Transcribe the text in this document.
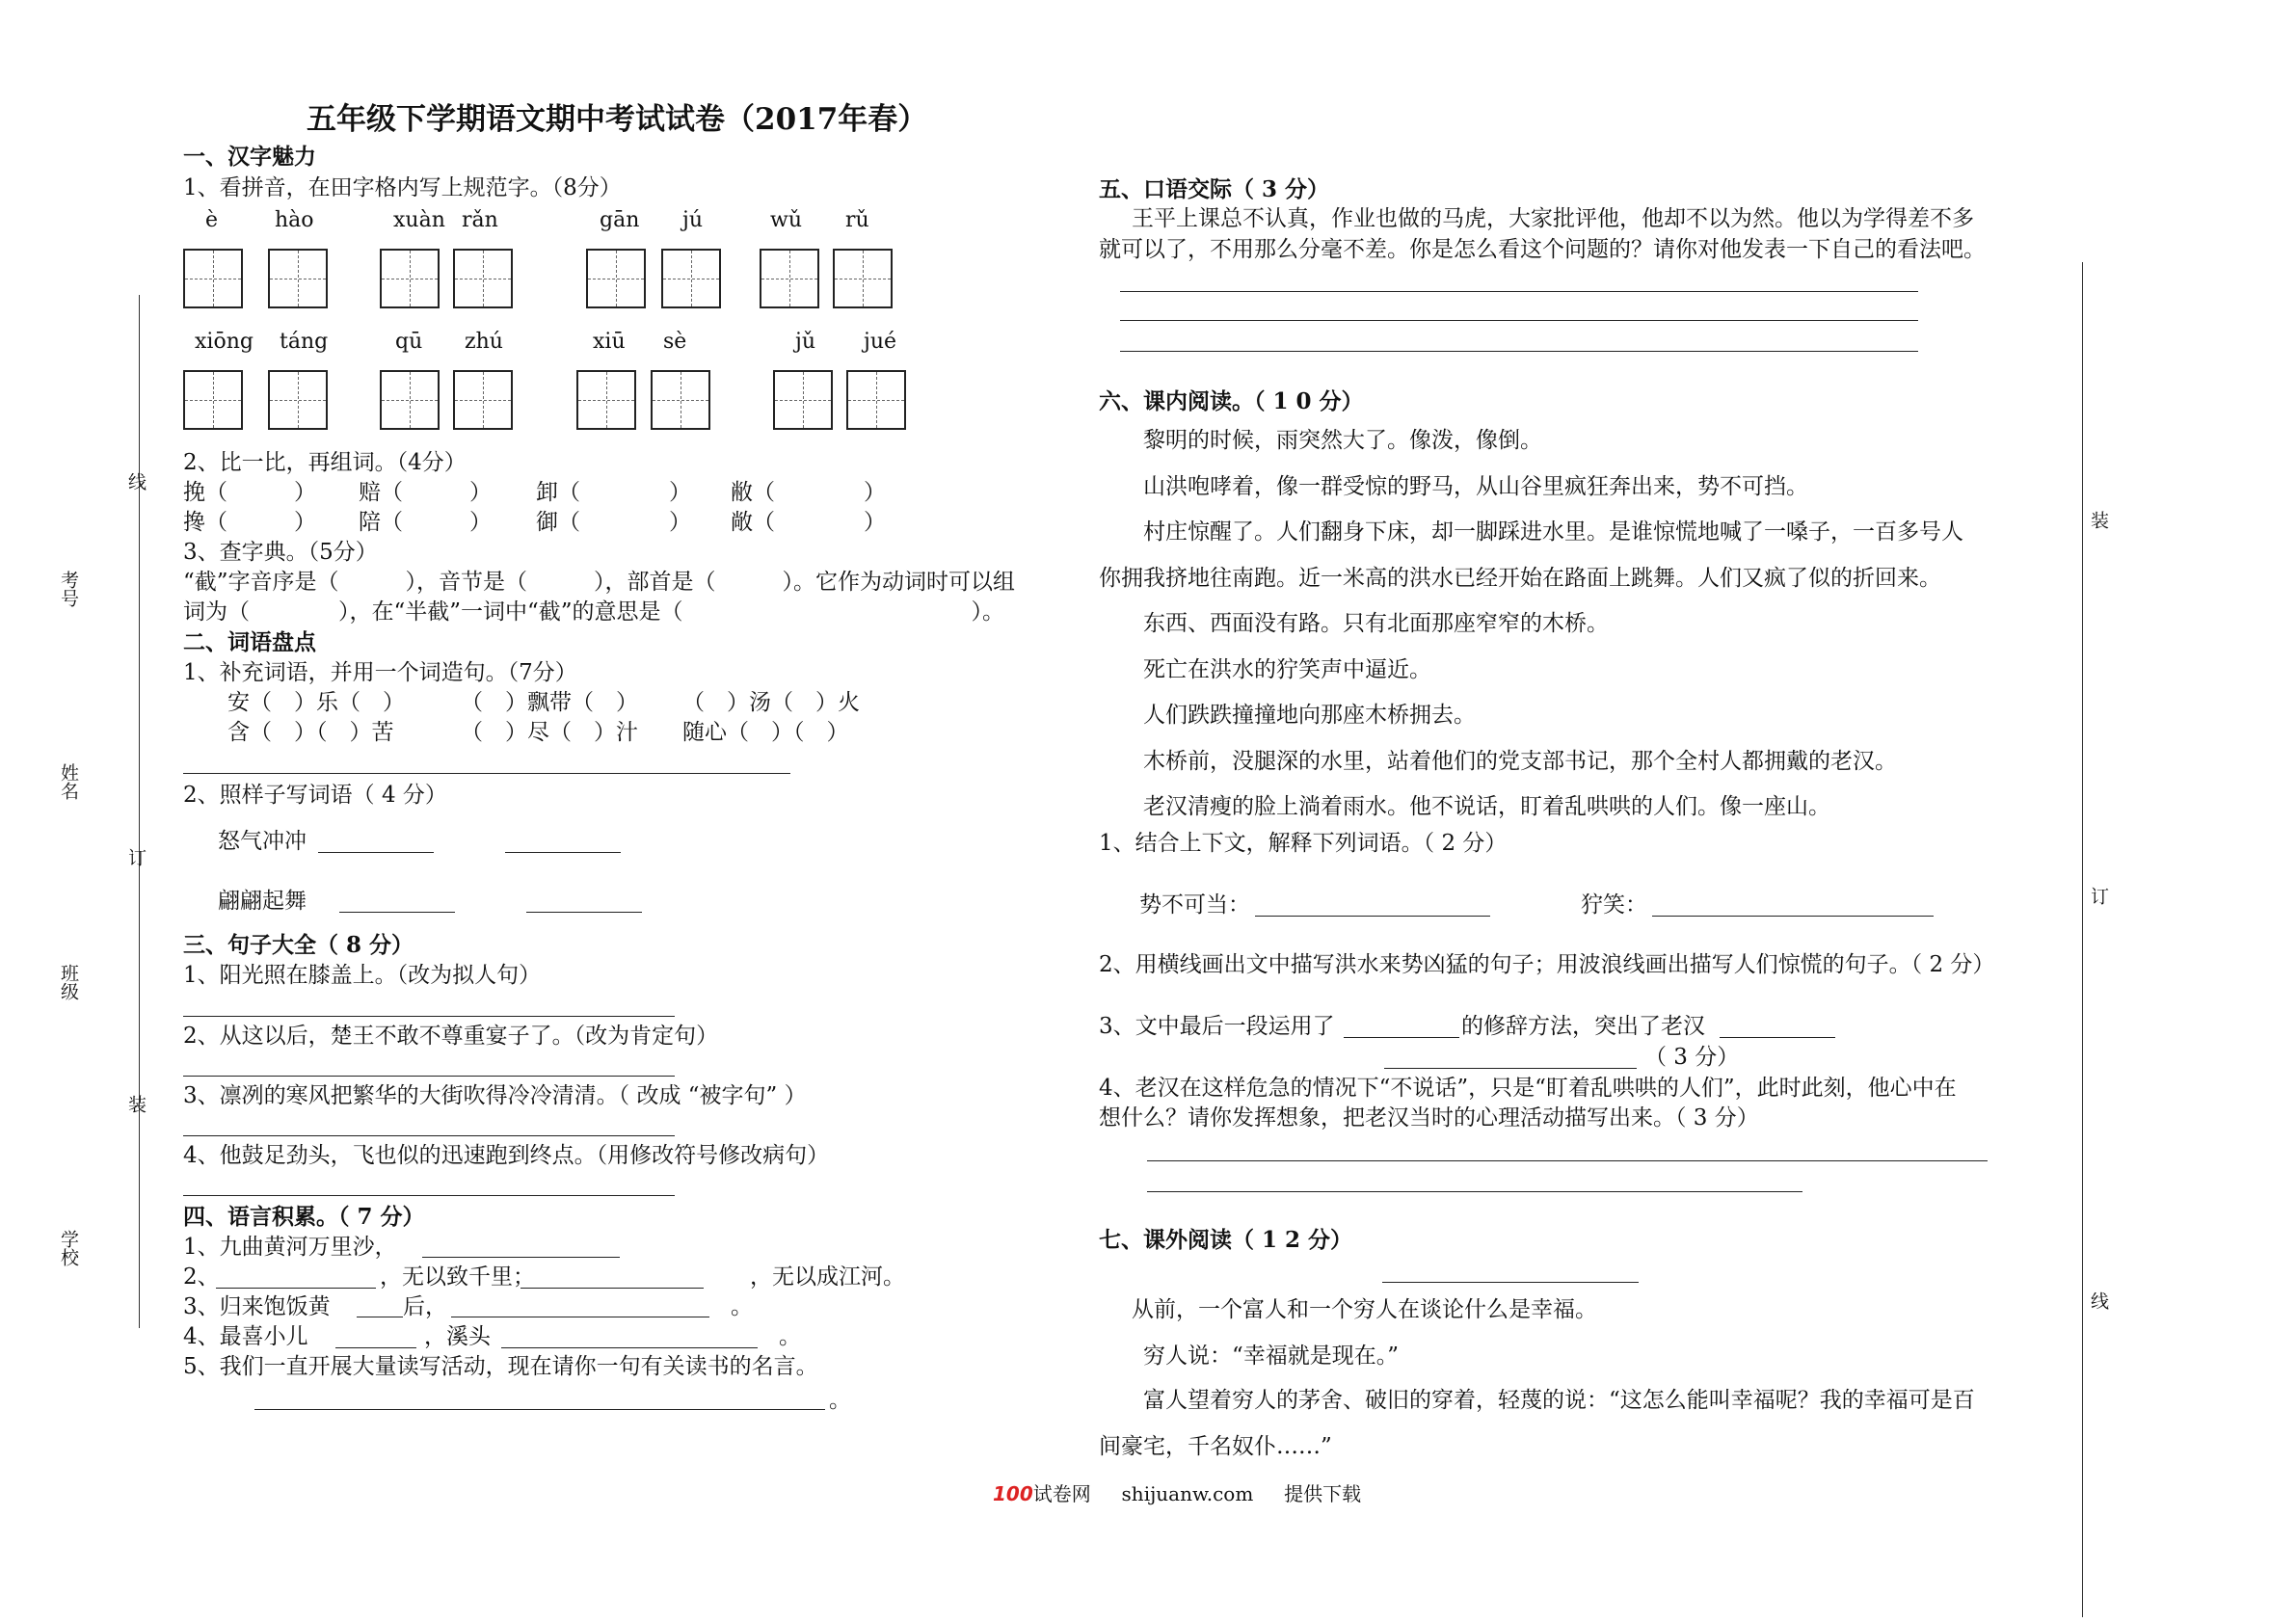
五年级下学期语文期中考试试卷（2017年春）
一、汉字魅力
1、看拼音，在田字格内写上规范字。（8分）
è	hào	xuàn rǎn	gān jú	wǔ rǔ
xiōng táng	qū zhú	xiū sè	jǔ jué
2、比一比，再组词。（4分）
挽（　　　） 赔（　　　） 卸（　　　　） 敝（　　　　）
搀（　　　） 陪（　　　） 御（　　　　） 敞（　　　　）
3、查字典。（5分）
“截”字音序是（　　　），音节是（　　　），部首是（　　　）。它作为动词时可以组
词为（　　　　），在“半截”一词中“截”的意思是（　　　　　　　　　　　　　）。
二、词语盘点
1、补充词语，并用一个词造句。（7分）
安（　）乐（　）	（　）飘带（　） （　）汤（　）火
含（　）（　）苦	（　）尽（　）汁 随心（　）（　）
2、照样子写词语（ 4 分）
怒气冲冲
翩翩起舞
三、句子大全（ 8 分）
1、阳光照在膝盖上。（改为拟人句）
2、从这以后，楚王不敢不尊重宴子了。（改为肯定句）
3、凛冽的寒风把繁华的大街吹得冷冷清清。（ 改成 “被字句” ）
4、他鼓足劲头，飞也似的迅速跑到终点。（用修改符号修改病句）
四、语言积累。（ 7 分）
1、九曲黄河万里沙，
2、	，无以致千里；	，无以成江河。
3、归来饱饭黄	后，	。
4、最喜小儿	，溪头	。
5、我们一直开展大量读写活动，现在请你一句有关读书的名言。
。
五、口语交际（ 3 分）
王平上课总不认真，作业也做的马虎，大家批评他，他却不以为然。他以为学得差不多
就可以了，不用那么分毫不差。你是怎么看这个问题的？请你对他发表一下自己的看法吧。
六、课内阅读。（ 1 0 分）
黎明的时候，雨突然大了。像泼，像倒。
山洪咆哮着，像一群受惊的野马，从山谷里疯狂奔出来，势不可挡。
村庄惊醒了。人们翻身下床，却一脚踩进水里。是谁惊慌地喊了一嗓子，一百多号人
你拥我挤地往南跑。近一米高的洪水已经开始在路面上跳舞。人们又疯了似的折回来。
东西、西面没有路。只有北面那座窄窄的木桥。
死亡在洪水的狞笑声中逼近。
人们跌跌撞撞地向那座木桥拥去。
木桥前，没腿深的水里，站着他们的党支部书记，那个全村人都拥戴的老汉。
老汉清瘦的脸上淌着雨水。他不说话，盯着乱哄哄的人们。像一座山。
1、结合上下文，解释下列词语。（ 2 分）
势不可当：	狞笑：
2、用横线画出文中描写洪水来势凶猛的句子；用波浪线画出描写人们惊慌的句子。（ 2 分）
3、文中最后一段运用了	的修辞方法，突出了老汉
（ 3 分）
4、老汉在这样危急的情况下“不说话”，只是“盯着乱哄哄的人们”，此时此刻，他心中在
想什么？请你发挥想象，把老汉当时的心理活动描写出来。（ 3 分）
七、课外阅读（ 1 2 分）
从前，一个富人和一个穷人在谈论什么是幸福。
穷人说：“幸福就是现在。”
富人望着穷人的茅舍、破旧的穿着，轻蔑的说：“这怎么能叫幸福呢？我的幸福可是百
间豪宅，千名奴仆……”
学校
班级
姓名
考号
装
订
线
装
订
线
100试卷网 shijuanw.com 提供下载
